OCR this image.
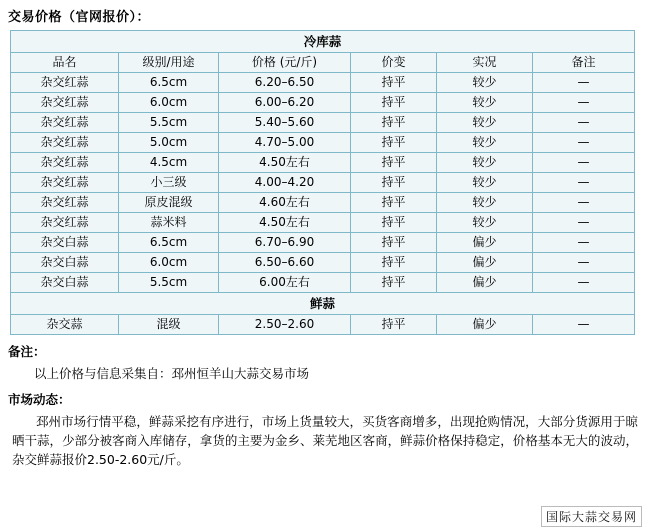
交易价格（官网报价）：
冷库蒜					
品名	级别/用途	价格 (元/斤)	价变	实况	备注
杂交红蒜	6.5cm	6.20–6.50	持平	较少	—
杂交红蒜	6.0cm	6.00–6.20	持平	较少	—
杂交红蒜	5.5cm	5.40–5.60	持平	较少	—
杂交红蒜	5.0cm	4.70–5.00	持平	较少	—
杂交红蒜	4.5cm	4.50左右	持平	较少	—
杂交红蒜	小三级	4.00–4.20	持平	较少	—
杂交红蒜	原皮混级	4.60左右	持平	较少	—
杂交红蒜	蒜米料	4.50左右	持平	较少	—
杂交白蒜	6.5cm	6.70–6.90	持平	偏少	—
杂交白蒜	6.0cm	6.50–6.60	持平	偏少	—
杂交白蒜	5.5cm	6.00左右	持平	偏少	—
鲜蒜					
杂交蒜	混级	2.50–2.60	持平	偏少	—
备注：
以上价格与信息采集自：邳州恒羊山大蒜交易市场
市场动态：
邳州市场行情平稳，鲜蒜采挖有序进行，市场上货量较大，买货客商增多，出现抢购情况，大部分货源用于晾晒干蒜，少部分被客商入库储存，拿货的主要为金乡、莱芜地区客商，鲜蒜价格保持稳定，价格基本无大的波动，杂交鲜蒜报价2.50-2.60元/斤。
国际大蒜交易网
